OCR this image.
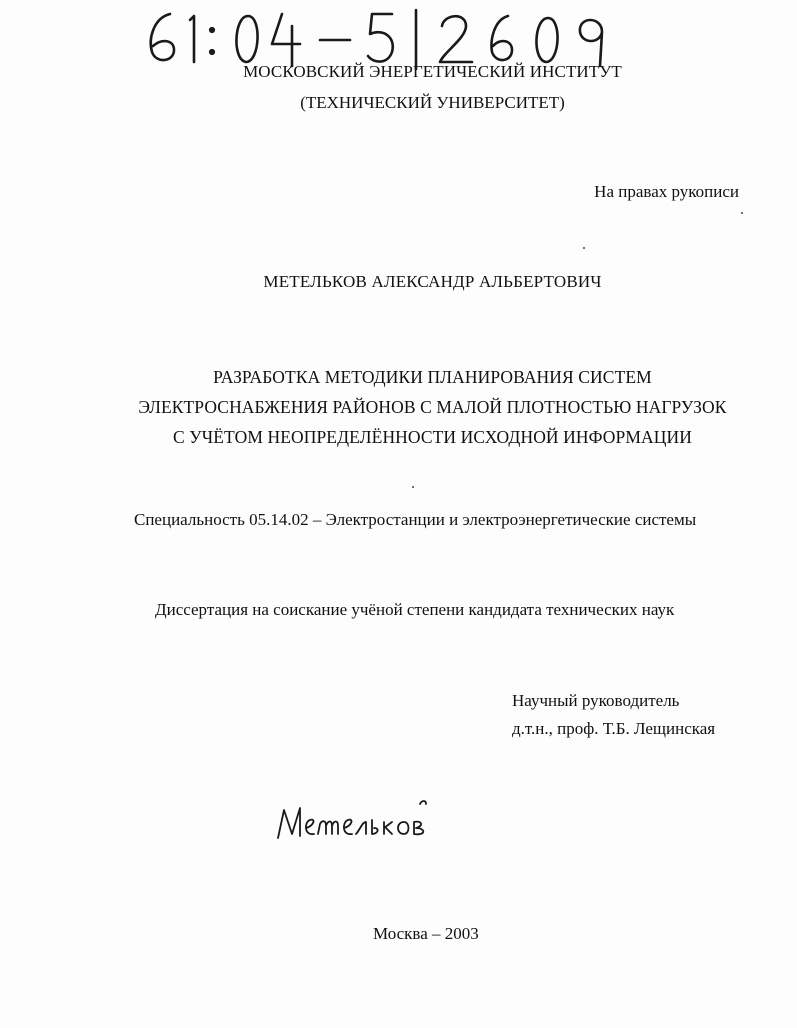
МОСКОВСКИЙ ЭНЕРГЕТИЧЕСКИЙ ИНСТИТУТ
(ТЕХНИЧЕСКИЙ УНИВЕРСИТЕТ)
На правах рукописи
МЕТЕЛЬКОВ АЛЕКСАНДР АЛЬБЕРТОВИЧ
РАЗРАБОТКА МЕТОДИКИ ПЛАНИРОВАНИЯ СИСТЕМ
ЭЛЕКТРОСНАБЖЕНИЯ РАЙОНОВ С МАЛОЙ ПЛОТНОСТЬЮ НАГРУЗОК
С УЧЁТОМ НЕОПРЕДЕЛЁННОСТИ ИСХОДНОЙ ИНФОРМАЦИИ
Специальность 05.14.02 – Электростанции и электроэнергетические системы
Диссертация на соискание учёной степени кандидата технических наук
Научный руководитель
д.т.н., проф. Т.Б. Лещинская
Москва – 2003
